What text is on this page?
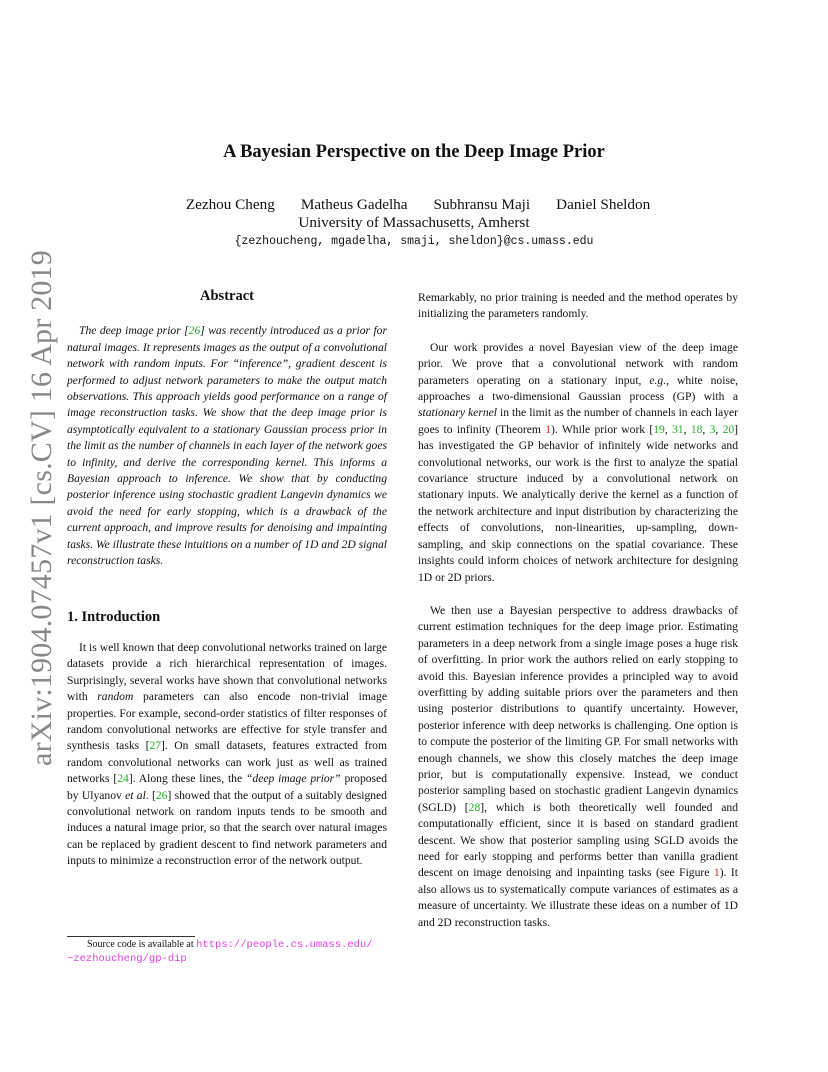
arXiv:1904.07457v1 [cs.CV] 16 Apr 2019
A Bayesian Perspective on the Deep Image Prior
Zezhou Cheng Matheus Gadelha Subhransu Maji Daniel Sheldon
University of Massachusetts, Amherst
{zezhoucheng, mgadelha, smaji, sheldon}@cs.umass.edu
Abstract

The deep image prior [26] was recently introduced as a prior for natural images. It represents images as the output of a convolutional network with random inputs. For “inference”, gradient descent is performed to adjust network parameters to make the output match observations. This approach yields good performance on a range of image reconstruction tasks. We show that the deep image prior is asymptotically equivalent to a stationary Gaussian process prior in the limit as the number of channels in each layer of the network goes to infinity, and derive the corresponding kernel. This informs a Bayesian approach to inference. We show that by conducting posterior inference using stochastic gradient Langevin dynamics we avoid the need for early stopping, which is a drawback of the current approach, and improve results for denoising and impainting tasks. We illustrate these intuitions on a number of 1D and 2D signal reconstruction tasks.

1. Introduction

It is well known that deep convolutional networks trained on large datasets provide a rich hierarchical representation of images. Surprisingly, several works have shown that convolutional networks with random parameters can also encode non-trivial image properties. For example, second-order statistics of filter responses of random convolutional networks are effective for style transfer and synthesis tasks [27]. On small datasets, features extracted from random convolutional networks can work just as well as trained networks [24]. Along these lines, the “deep image prior” proposed by Ulyanov et al. [26] showed that the output of a suitably designed convolutional network on random inputs tends to be smooth and induces a natural image prior, so that the search over natural images can be replaced by gradient descent to find network parameters and inputs to minimize a reconstruction error of the network output.

Remarkably, no prior training is needed and the method operates by initializing the parameters randomly.

Our work provides a novel Bayesian view of the deep image prior. We prove that a convolutional network with random parameters operating on a stationary input, e.g., white noise, approaches a two-dimensional Gaussian process (GP) with a stationary kernel in the limit as the number of channels in each layer goes to infinity (Theorem 1). While prior work [19, 31, 18, 3, 20] has investigated the GP behavior of infinitely wide networks and convolutional networks, our work is the first to analyze the spatial covariance structure induced by a convolutional network on stationary inputs. We analytically derive the kernel as a function of the network architecture and input distribution by characterizing the effects of convolutions, non-linearities, up-sampling, down-sampling, and skip connections on the spatial covariance. These insights could inform choices of network architecture for designing 1D or 2D priors.

We then use a Bayesian perspective to address drawbacks of current estimation techniques for the deep image prior. Estimating parameters in a deep network from a single image poses a huge risk of overfitting. In prior work the authors relied on early stopping to avoid this. Bayesian inference provides a principled way to avoid overfitting by adding suitable priors over the parameters and then using posterior distributions to quantify uncertainty. However, posterior inference with deep networks is challenging. One option is to compute the posterior of the limiting GP. For small networks with enough channels, we show this closely matches the deep image prior, but is computationally expensive. Instead, we conduct posterior sampling based on stochastic gradient Langevin dynamics (SGLD) [28], which is both theoretically well founded and computationally efficient, since it is based on standard gradient descent. We show that posterior sampling using SGLD avoids the need for early stopping and performs better than vanilla gradient descent on image denoising and inpainting tasks (see Figure 1). It also allows us to systematically compute variances of estimates as a measure of uncertainty. We illustrate these ideas on a number of 1D and 2D reconstruction tasks.

Source code is available at https://people.cs.umass.edu/
~zezhoucheng/gp-dip
